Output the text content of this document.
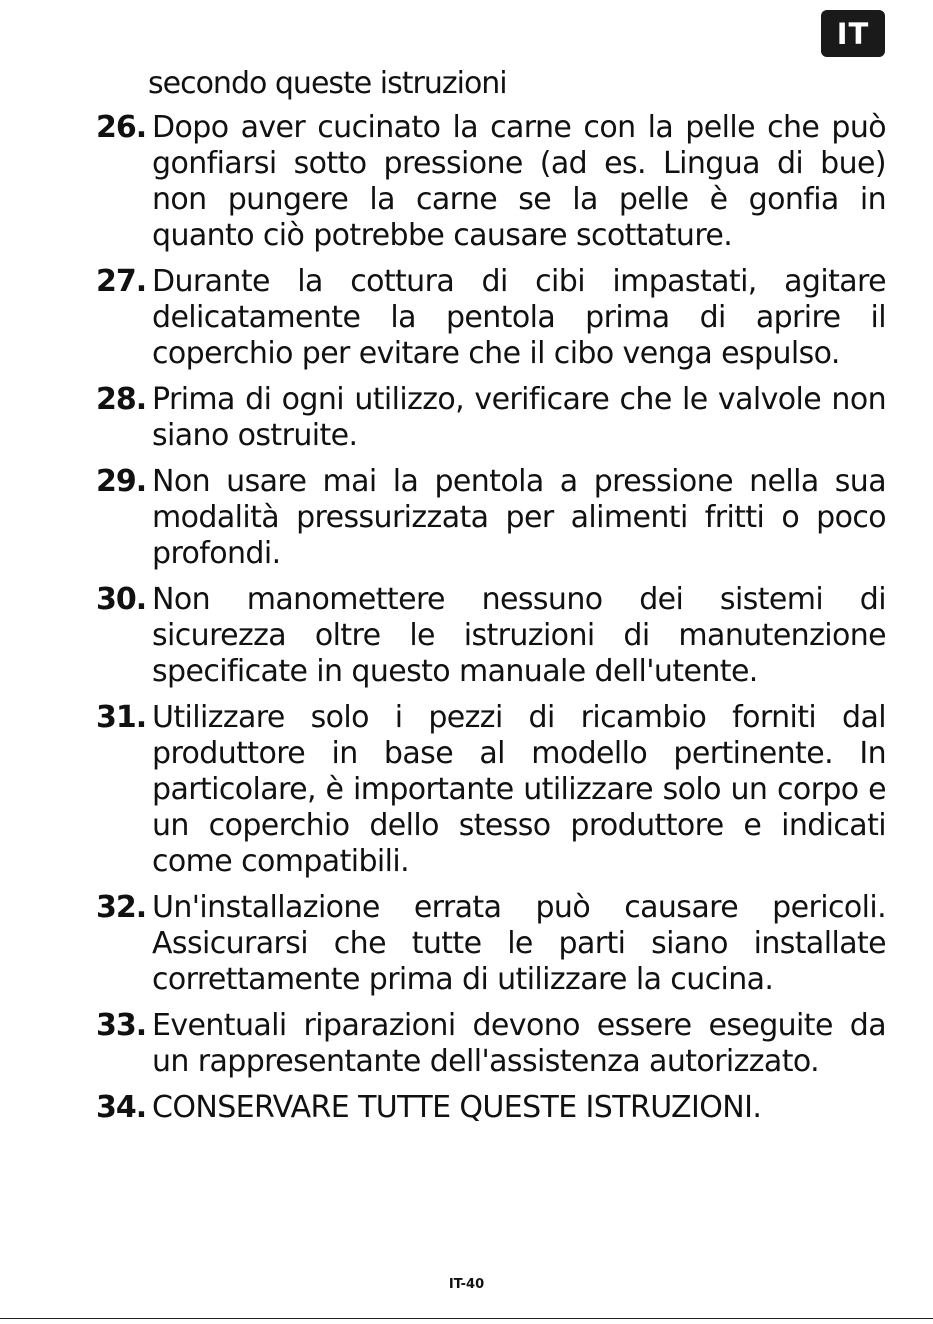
IT
secondo queste istruzioni
26. Dopo aver cucinato la carne con la pelle che può gonfiarsi sotto pressione (ad es. Lingua di bue) non pungere la carne se la pelle è gonfia in quanto ciò potrebbe causare scottature.
27. Durante la cottura di cibi impastati, agitare delicatamente la pentola prima di aprire il coperchio per evitare che il cibo venga espulso.
28. Prima di ogni utilizzo, verificare che le valvole non siano ostruite.
29. Non usare mai la pentola a pressione nella sua modalità pressurizzata per alimenti fritti o poco profondi.
30. Non manomettere nessuno dei sistemi di sicurezza oltre le istruzioni di manutenzione specificate in questo manuale dell'utente.
31. Utilizzare solo i pezzi di ricambio forniti dal produttore in base al modello pertinente. In particolare, è importante utilizzare solo un corpo e un coperchio dello stesso produttore e indicati come compatibili.
32. Un'installazione errata può causare pericoli. Assicurarsi che tutte le parti siano installate correttamente prima di utilizzare la cucina.
33. Eventuali riparazioni devono essere eseguite da un rappresentante dell'assistenza autorizzato.
34. CONSERVARE TUTTE QUESTE ISTRUZIONI.
IT-40
